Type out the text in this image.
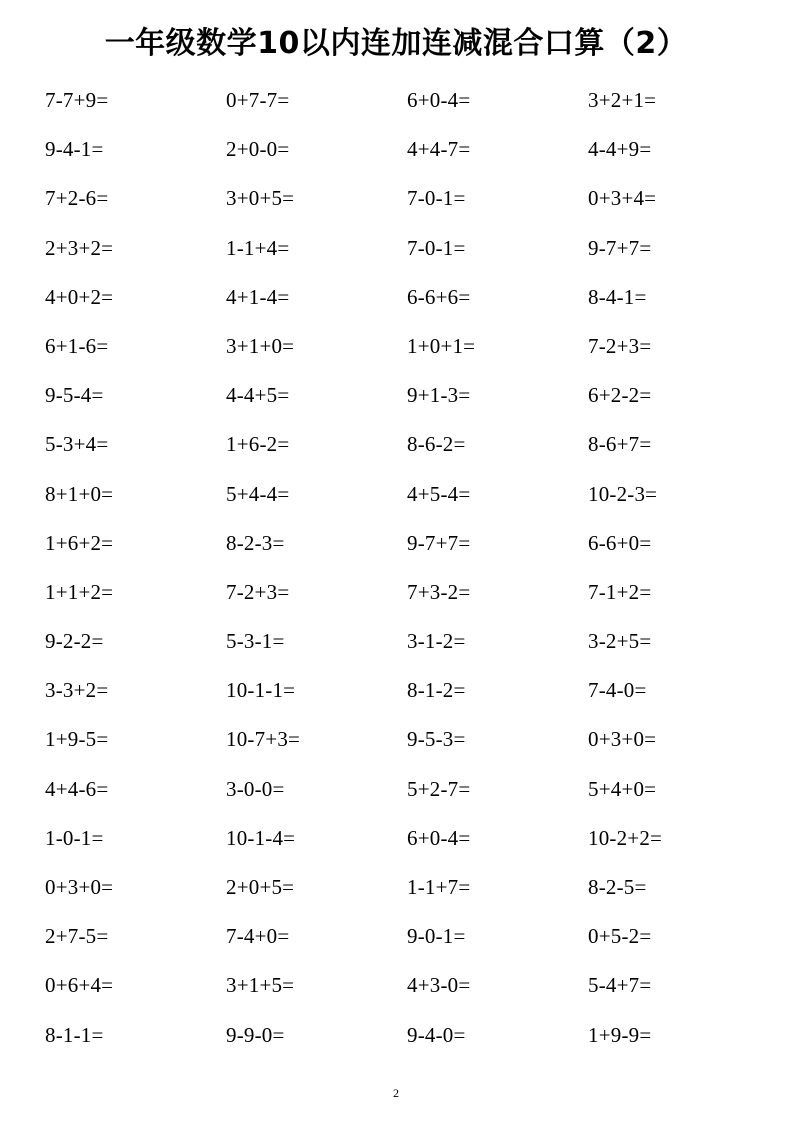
一年级数学10以内连加连减混合口算（2）
7-7+9=	0+7-7=	6+0-4=	3+2+1=
9-4-1=	2+0-0=	4+4-7=	4-4+9=
7+2-6=	3+0+5=	7-0-1=	0+3+4=
2+3+2=	1-1+4=	7-0-1=	9-7+7=
4+0+2=	4+1-4=	6-6+6=	8-4-1=
6+1-6=	3+1+0=	1+0+1=	7-2+3=
9-5-4=	4-4+5=	9+1-3=	6+2-2=
5-3+4=	1+6-2=	8-6-2=	8-6+7=
8+1+0=	5+4-4=	4+5-4=	10-2-3=
1+6+2=	8-2-3=	9-7+7=	6-6+0=
1+1+2=	7-2+3=	7+3-2=	7-1+2=
9-2-2=	5-3-1=	3-1-2=	3-2+5=
3-3+2=	10-1-1=	8-1-2=	7-4-0=
1+9-5=	10-7+3=	9-5-3=	0+3+0=
4+4-6=	3-0-0=	5+2-7=	5+4+0=
1-0-1=	10-1-4=	6+0-4=	10-2+2=
0+3+0=	2+0+5=	1-1+7=	8-2-5=
2+7-5=	7-4+0=	9-0-1=	0+5-2=
0+6+4=	3+1+5=	4+3-0=	5-4+7=
8-1-1=	9-9-0=	9-4-0=	1+9-9=
2
